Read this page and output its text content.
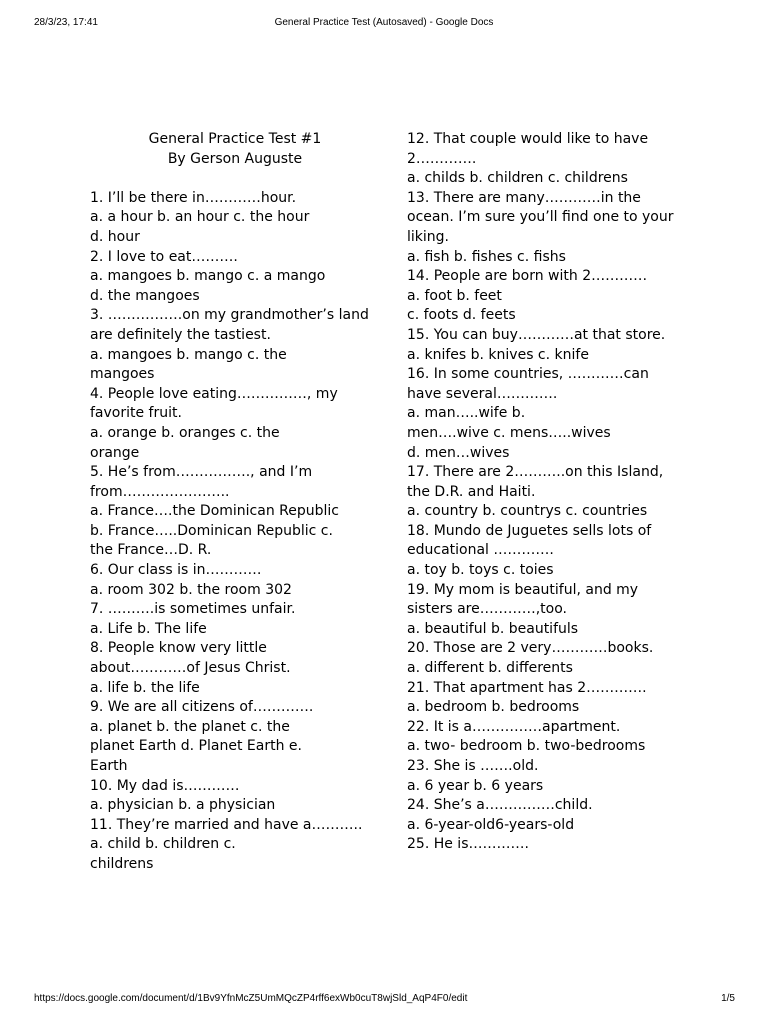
28/3/23, 17:41	General Practice Test (Autosaved) - Google Docs
General Practice Test #1
By Gerson Auguste
1. I’ll be there in…………hour.
a. a hour b. an hour c. the hour
d. hour
2. I love to eat……….
a. mangoes b. mango c. a mango
d. the mangoes
3. …………….on my grandmother’s land
are definitely the tastiest.
a. mangoes b. mango c. the
mangoes
4. People love eating……………, my
favorite fruit.
a. orange b. oranges c. the
orange
5. He’s from……………., and I’m
from…………………..
a. France….the Dominican Republic
b. France…..Dominican Republic c.
the France…D. R.
6. Our class is in…………
a. room 302 b. the room 302
7. ……….is sometimes unfair.
a. Life b. The life
8. People know very little
about…………of Jesus Christ.
a. life b. the life
9. We are all citizens of………….
a. planet b. the planet c. the
planet Earth d. Planet Earth e.
Earth
10. My dad is…………
a. physician b. a physician
11. They’re married and have a………..
a. child b. children c.
childrens
12. That couple would like to have
2………….
a. childs b. children c. childrens
13. There are many…………in the
ocean. I’m sure you’ll find one to your
liking.
a. fish b. fishes c. fishs
14. People are born with 2…………
a. foot b. feet
c. foots d. feets
15. You can buy…………at that store.
a. knifes b. knives c. knife
16. In some countries, …………can
have several………….
a. man…..wife b.
men….wive c. mens…..wives
d. men…wives
17. There are 2………..on this Island,
the D.R. and Haiti.
a. country b. countrys c. countries
18. Mundo de Juguetes sells lots of
educational ………….
a. toy b. toys c. toies
19. My mom is beautiful, and my
sisters are…………,too.
a. beautiful b. beautifuls
20. Those are 2 very…………books.
a. different b. differents
21. That apartment has 2………….
a. bedroom b. bedrooms
22. It is a……………apartment.
a. two- bedroom b. two-bedrooms
23. She is …….old.
a. 6 year b. 6 years
24. She’s a……………child.
a. 6-year-old6-years-old
25. He is………….
https://docs.google.com/document/d/1Bv9YfnMcZ5UmMQcZP4rff6exWb0cuT8wjSld_AqP4F0/edit	1/5
